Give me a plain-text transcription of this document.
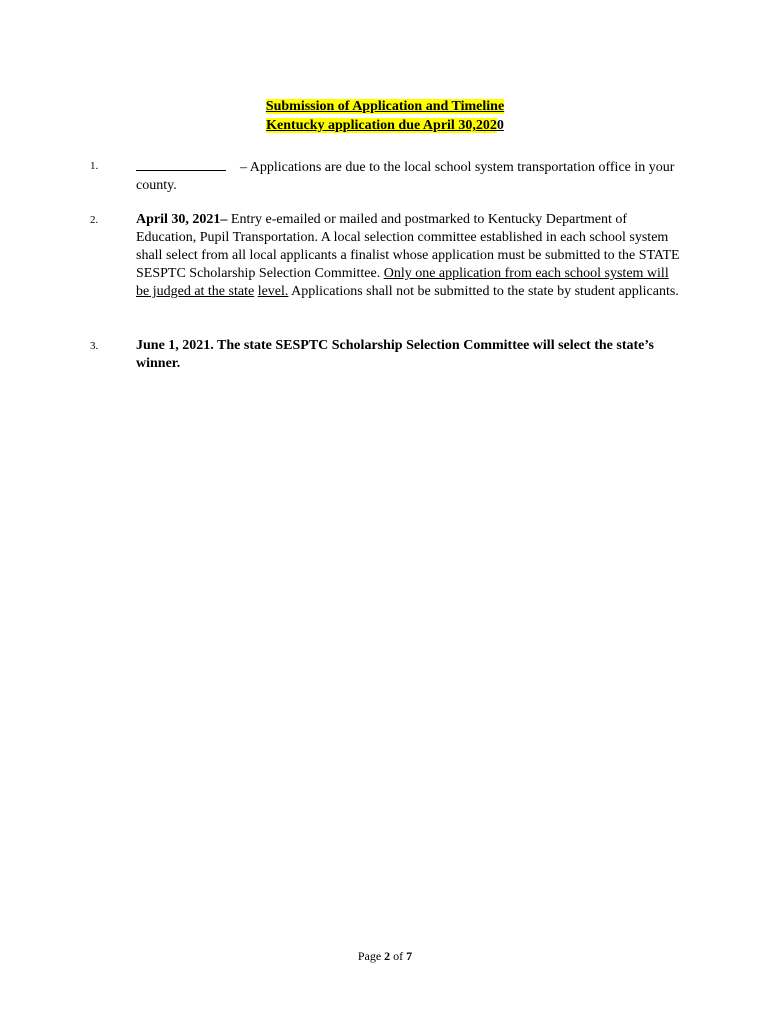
Submission of Application and Timeline
Kentucky application due April 30,2020
1.	– Applications are due to the local school system transportation office in your county.
2.	April 30, 2021– Entry e-emailed or mailed and postmarked to Kentucky Department of Education, Pupil Transportation. A local selection committee established in each school system shall select from all local applicants a finalist whose application must be submitted to the STATE SESPTC Scholarship Selection Committee. Only one application from each school system will be judged at the state level. Applications shall not be submitted to the state by student applicants.
3.	June 1, 2021. The state SESPTC Scholarship Selection Committee will select the state’s winner.
Page 2 of 7
